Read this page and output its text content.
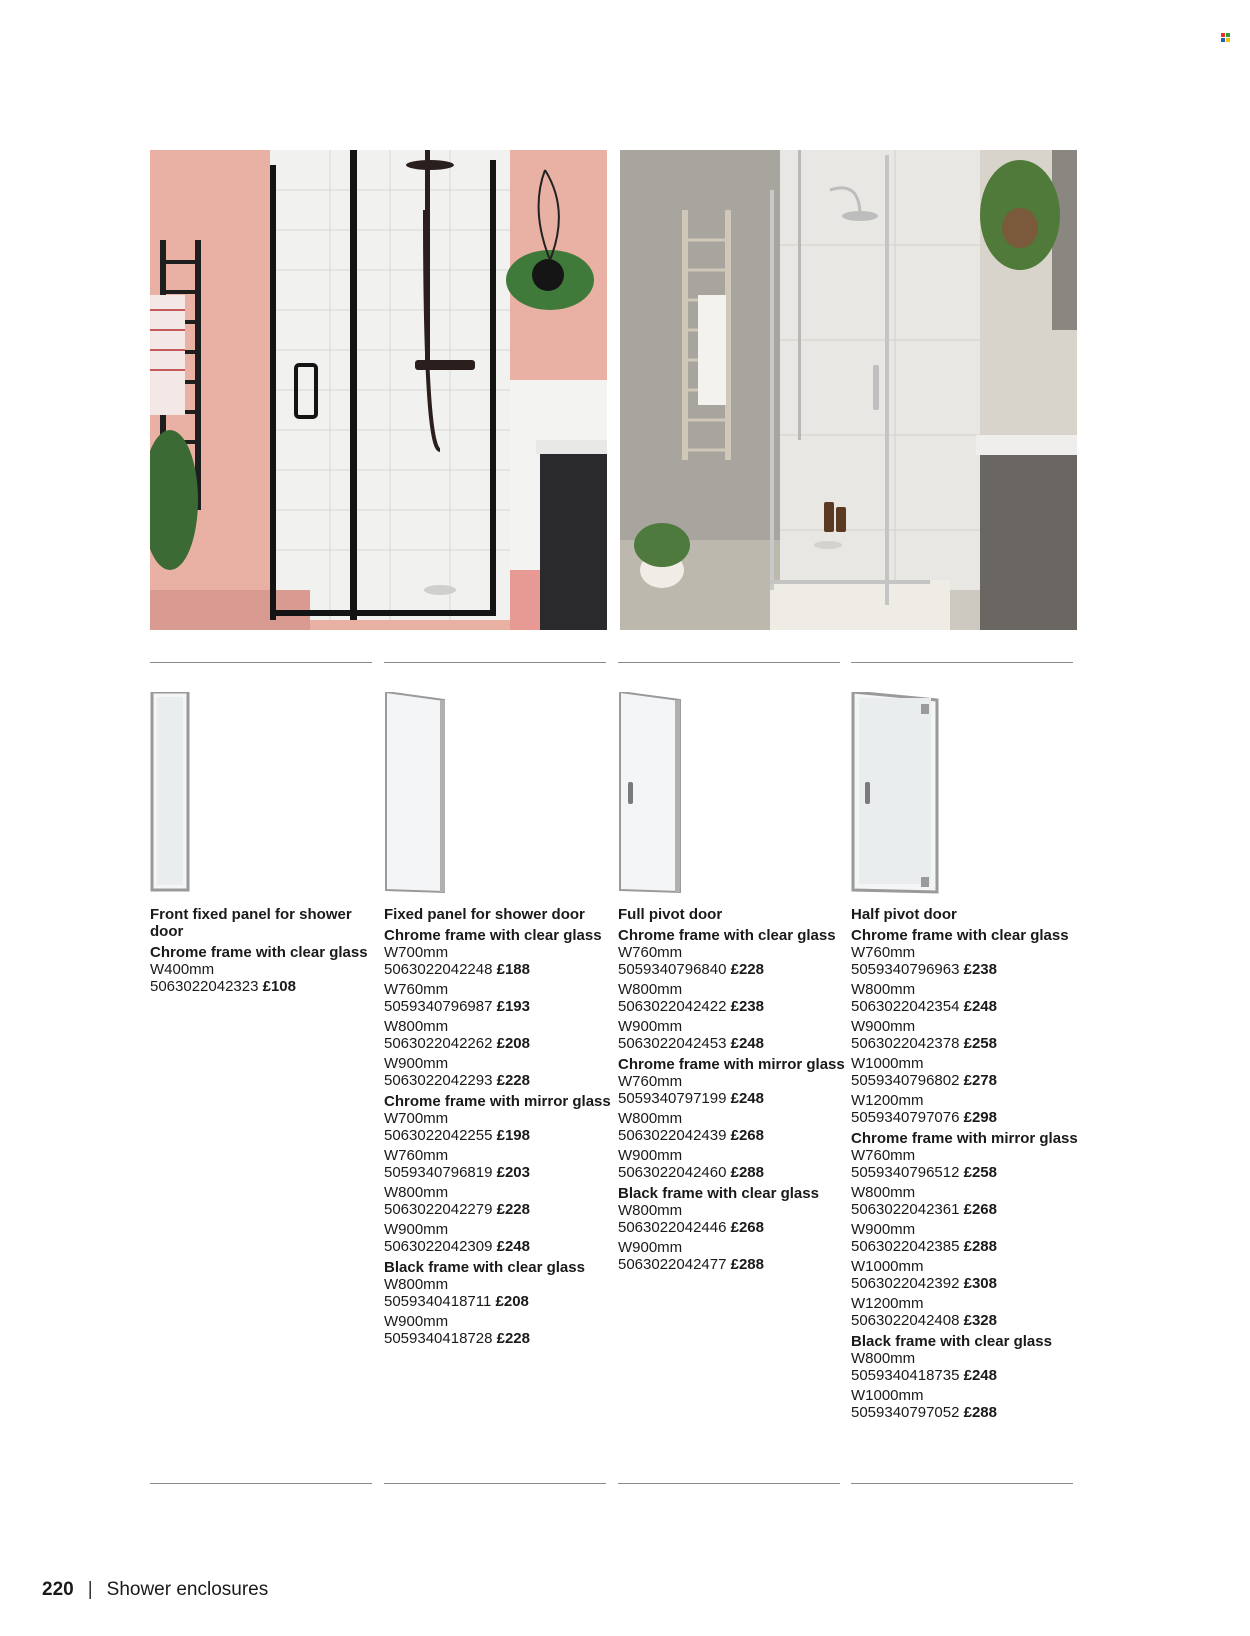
Front fixed panel for shower door
Chrome frame with clear glass
W400mm
5063022042323 £108
Fixed panel for shower door
Chrome frame with clear glass
W700mm
5063022042248 £188
W760mm
5059340796987 £193
W800mm
5063022042262 £208
W900mm
5063022042293 £228
Chrome frame with mirror glass
W700mm
5063022042255 £198
W760mm
5059340796819 £203
W800mm
5063022042279 £228
W900mm
5063022042309 £248
Black frame with clear glass
W800mm
5059340418711 £208
W900mm
5059340418728 £228
Full pivot door
Chrome frame with clear glass
W760mm
5059340796840 £228
W800mm
5063022042422 £238
W900mm
5063022042453 £248
Chrome frame with mirror glass
W760mm
5059340797199 £248
W800mm
5063022042439 £268
W900mm
5063022042460 £288
Black frame with clear glass
W800mm
5063022042446 £268
W900mm
5063022042477 £288
Half pivot door
Chrome frame with clear glass
W760mm
5059340796963 £238
W800mm
5063022042354 £248
W900mm
5063022042378 £258
W1000mm
5059340796802 £278
W1200mm
5059340797076 £298
Chrome frame with mirror glass
W760mm
5059340796512 £258
W800mm
5063022042361 £268
W900mm
5063022042385 £288
W1000mm
5063022042392 £308
W1200mm
5063022042408 £328
Black frame with clear glass
W800mm
5059340418735 £248
W1000mm
5059340797052 £288
220 | Shower enclosures
